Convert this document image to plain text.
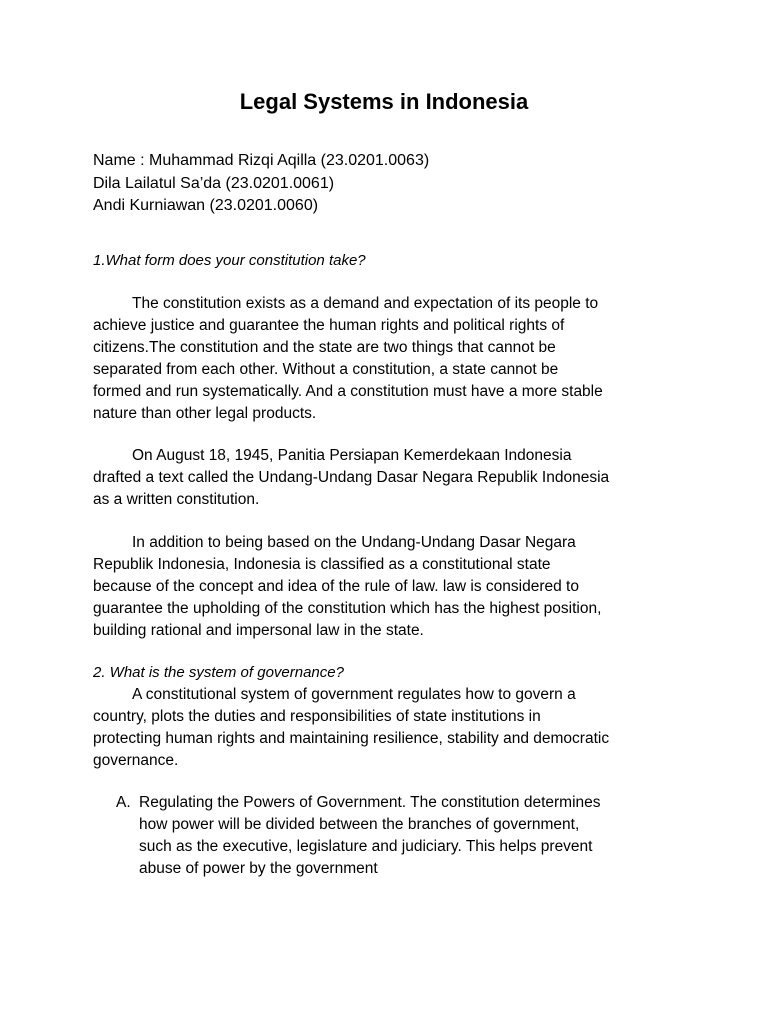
Legal Systems in Indonesia
Name : Muhammad Rizqi Aqilla (23.0201.0063)
Dila Lailatul Sa’da (23.0201.0061)
Andi Kurniawan (23.0201.0060)
1.What form does your constitution take?
The constitution exists as a demand and expectation of its people to
achieve justice and guarantee the human rights and political rights of
citizens.The constitution and the state are two things that cannot be
separated from each other. Without a constitution, a state cannot be
formed and run systematically. And a constitution must have a more stable
nature than other legal products.
On August 18, 1945, Panitia Persiapan Kemerdekaan Indonesia
drafted a text called the Undang-Undang Dasar Negara Republik Indonesia
as a written constitution.
In addition to being based on the Undang-Undang Dasar Negara
Republik Indonesia, Indonesia is classified as a constitutional state
because of the concept and idea of the rule of law. law is considered to
guarantee the upholding of the constitution which has the highest position,
building rational and impersonal law in the state.
2. What is the system of governance?
A constitutional system of government regulates how to govern a
country, plots the duties and responsibilities of state institutions in
protecting human rights and maintaining resilience, stability and democratic
governance.
A. Regulating the Powers of Government. The constitution determines
how power will be divided between the branches of government,
such as the executive, legislature and judiciary. This helps prevent
abuse of power by the government
